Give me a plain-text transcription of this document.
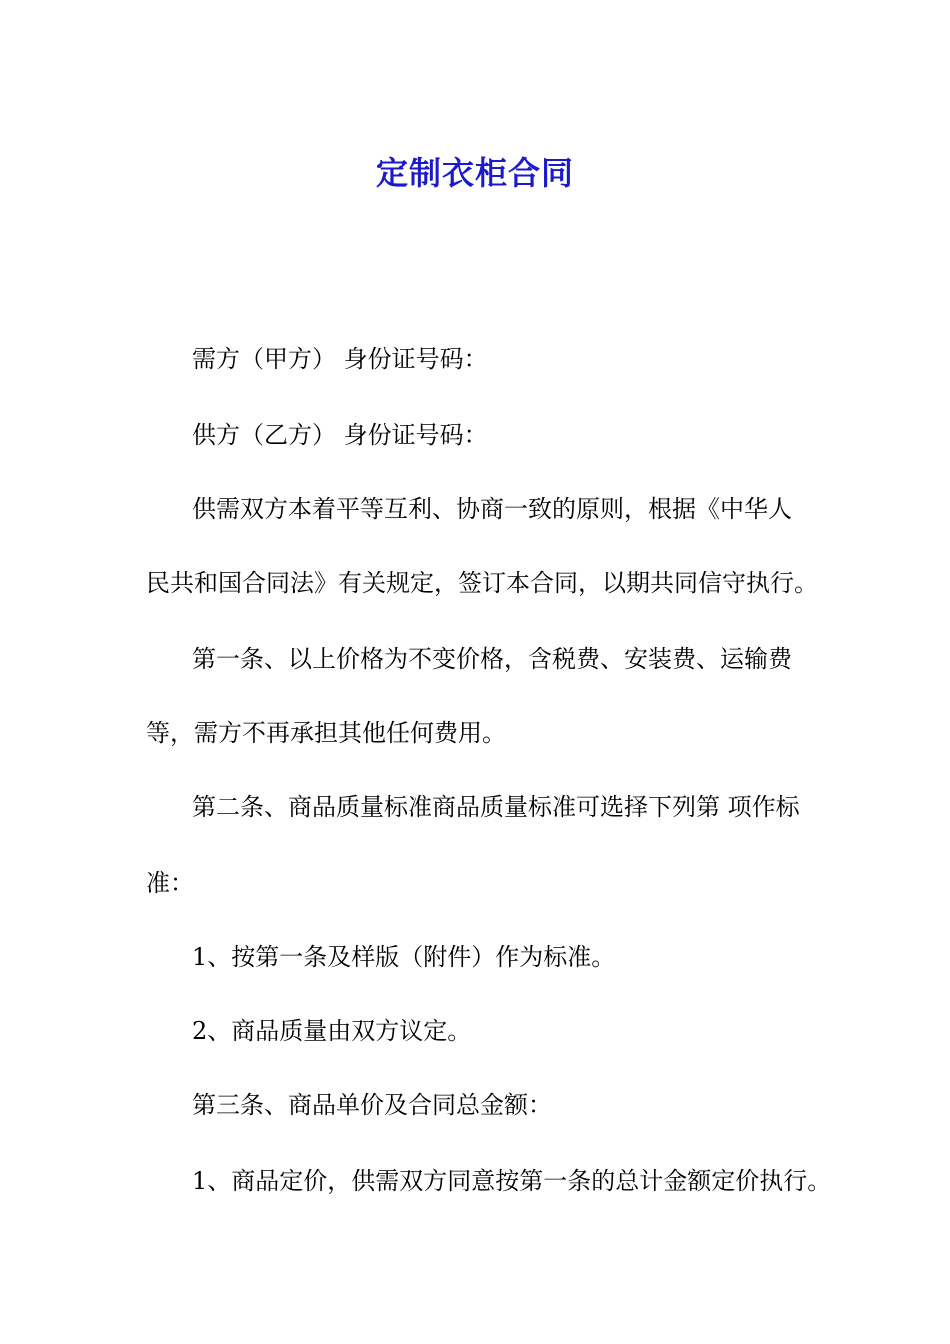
定制衣柜合同

需方（甲方） 身份证号码：

供方（乙方） 身份证号码：

供需双方本着平等互利、协商一致的原则，根据《中华人

民共和国合同法》有关规定，签订本合同，以期共同信守执行。

第一条、以上价格为不变价格，含税费、安装费、运输费

等，需方不再承担其他任何费用。

第二条、商品质量标准商品质量标准可选择下列第 项作标

准：

1、按第一条及样版（附件）作为标准。

2、商品质量由双方议定。

第三条、商品单价及合同总金额：

1、商品定价，供需双方同意按第一条的总计金额定价执行。
